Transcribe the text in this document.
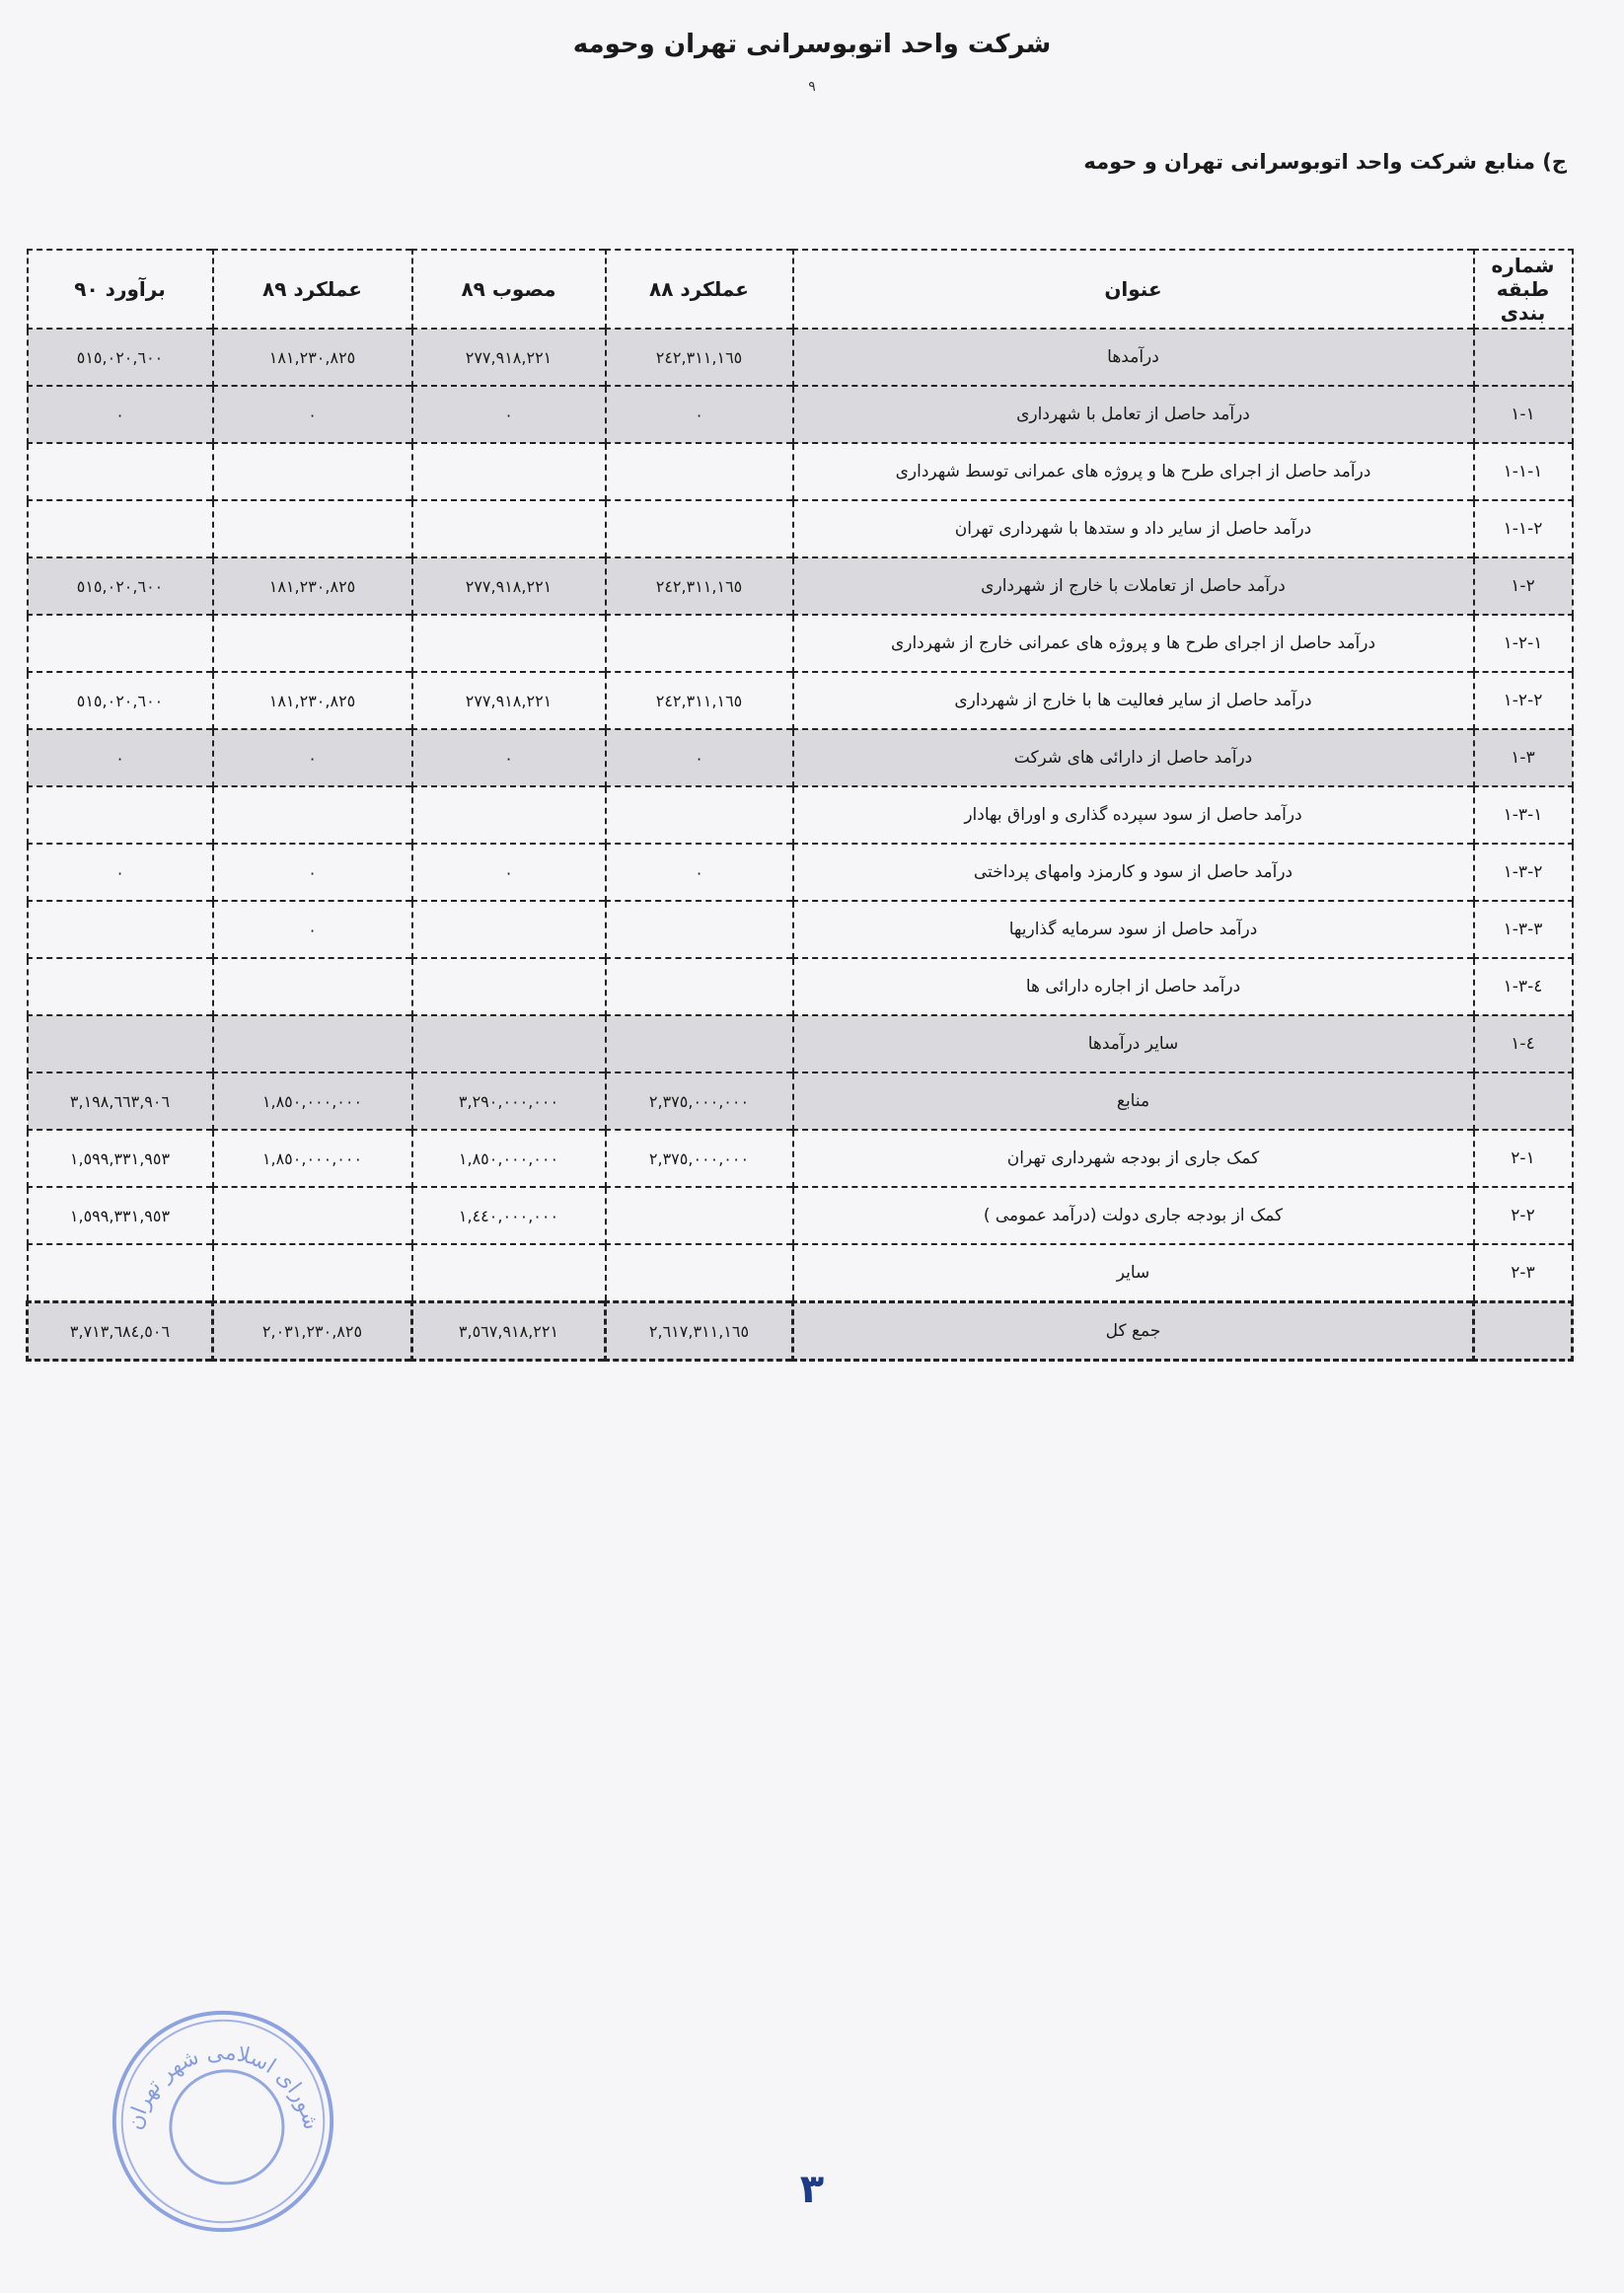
شرکت واحد اتوبوسرانی تهران وحومه
٩
ج) منابع شرکت واحد اتوبوسرانی تهران و حومه
شماره طبقه بندی	عنوان	عملکرد ٨٨	مصوب ٨٩	عملکرد ٨٩	برآورد ٩٠
	درآمدها	٢٤٢,٣١١,١٦٥	٢٧٧,٩١٨,٢٢١	١٨١,٢٣٠,٨٢٥	٥١٥,٠٢٠,٦٠٠
١-١	درآمد حاصل از تعامل با شهرداری	٠	٠	٠	٠
١-١-١	درآمد حاصل از اجرای طرح ها و پروژه های عمرانی توسط شهرداری				
٢-١-١	درآمد حاصل از سایر داد و ستدها با شهرداری تهران				
٢-١	درآمد حاصل از تعاملات با خارج از شهرداری	٢٤٢,٣١١,١٦٥	٢٧٧,٩١٨,٢٢١	١٨١,٢٣٠,٨٢٥	٥١٥,٠٢٠,٦٠٠
١-٢-١	درآمد حاصل از اجرای طرح ها و پروژه های عمرانی خارج از شهرداری				
٢-٢-١	درآمد حاصل از سایر فعالیت ها با خارج از شهرداری	٢٤٢,٣١١,١٦٥	٢٧٧,٩١٨,٢٢١	١٨١,٢٣٠,٨٢٥	٥١٥,٠٢٠,٦٠٠
٣-١	درآمد حاصل از دارائی های شرکت	٠	٠	٠	٠
١-٣-١	درآمد حاصل از سود سپرده گذاری و اوراق بهادار				
٢-٣-١	درآمد حاصل از سود و کارمزد وامهای پرداختی	٠	٠	٠	٠
٣-٣-١	درآمد حاصل از سود سرمایه گذاریها			٠	
٤-٣-١	درآمد حاصل از اجاره دارائی ها				
٤-١	سایر درآمدها				
	منابع	٢,٣٧٥,٠٠٠,٠٠٠	٣,٢٩٠,٠٠٠,٠٠٠	١,٨٥٠,٠٠٠,٠٠٠	٣,١٩٨,٦٦٣,٩٠٦
١-٢	کمک جاری از بودجه شهرداری تهران	٢,٣٧٥,٠٠٠,٠٠٠	١,٨٥٠,٠٠٠,٠٠٠	١,٨٥٠,٠٠٠,٠٠٠	١,٥٩٩,٣٣١,٩٥٣
٢-٢	کمک از بودجه جاری دولت (درآمد عمومی )		١,٤٤٠,٠٠٠,٠٠٠		١,٥٩٩,٣٣١,٩٥٣
٣-٢	سایر				
	جمع کل	٢,٦١٧,٣١١,١٦٥	٣,٥٦٧,٩١٨,٢٢١	٢,٠٣١,٢٣٠,٨٢٥	٣,٧١٣,٦٨٤,٥٠٦
شورای اسلامی شهر تهران
٣
